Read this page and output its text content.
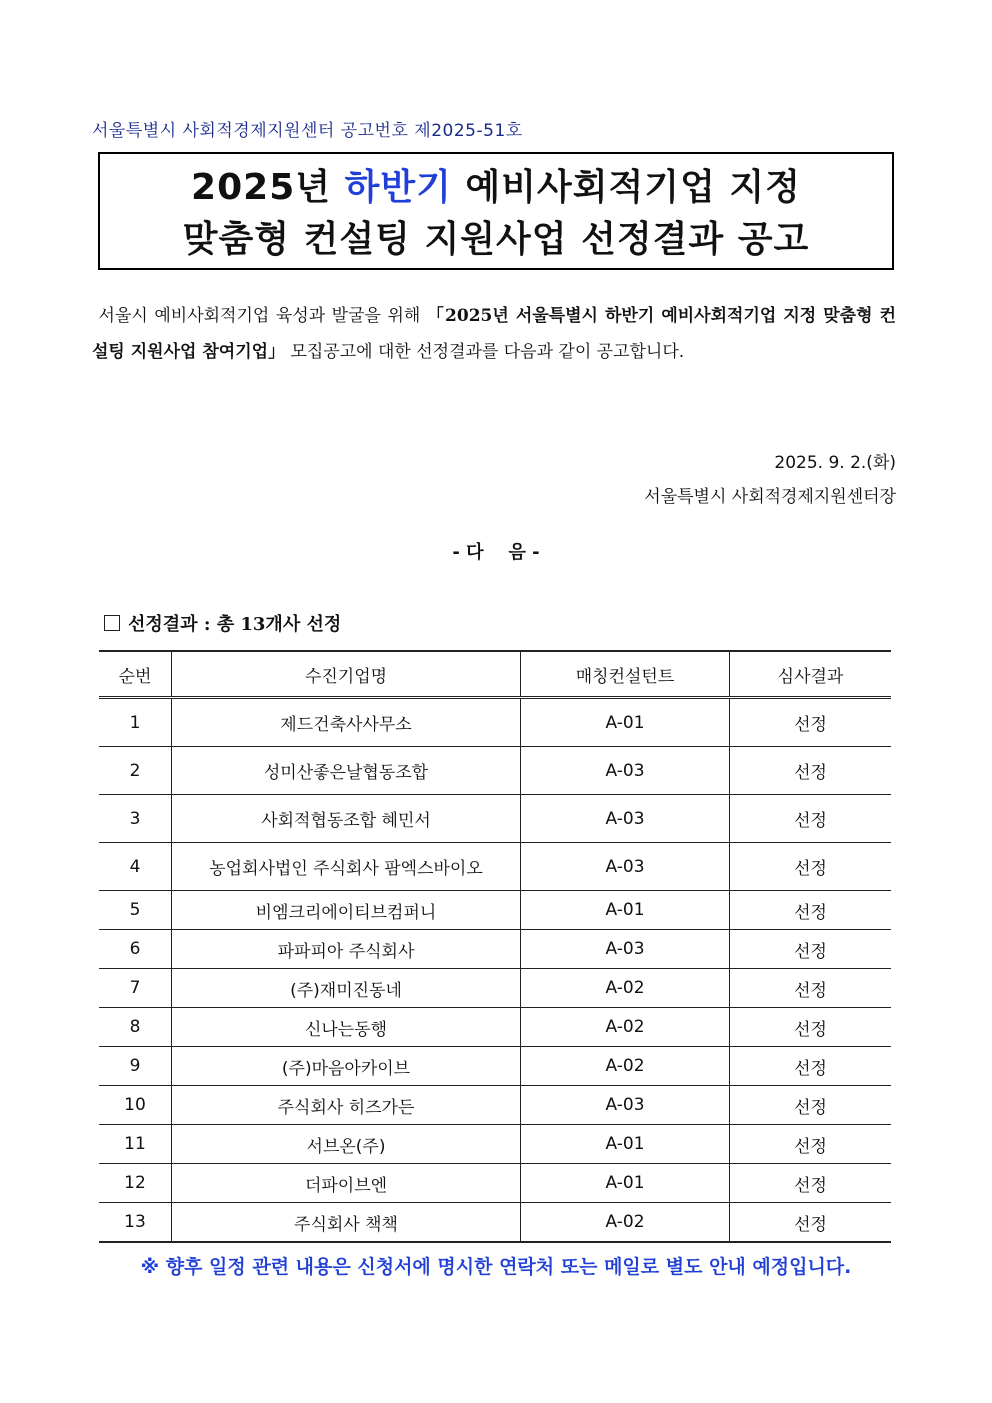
서울특별시 사회적경제지원센터 공고번호 제2025-51호
2025년 하반기 예비사회적기업 지정
맞춤형 컨설팅 지원사업 선정결과 공고
서울시 예비사회적기업 육성과 발굴을 위해 「2025년 서울특별시 하반기 예비사회적기업 지정 맞춤형 컨설팅 지원사업 참여기업」 모집공고에 대한 선정결과를 다음과 같이 공고합니다.
2025. 9. 2.(화)
서울특별시 사회적경제지원센터장
- 다    음 -
선정결과 : 총 13개사 선정
순번	수진기업명	매칭컨설턴트	심사결과
1	제드건축사사무소	A-01	선정
2	성미산좋은날협동조합	A-03	선정
3	사회적협동조합 혜민서	A-03	선정
4	농업회사법인 주식회사 팜엑스바이오	A-03	선정
5	비엠크리에이티브컴퍼니	A-01	선정
6	파파피아 주식회사	A-03	선정
7	(주)재미진동네	A-02	선정
8	신나는동행	A-02	선정
9	(주)마음아카이브	A-02	선정
10	주식회사 히즈가든	A-03	선정
11	서브온(주)	A-01	선정
12	더파이브엔	A-01	선정
13	주식회사 책책	A-02	선정
※ 향후 일정 관련 내용은 신청서에 명시한 연락처 또는 메일로 별도 안내 예정입니다.
